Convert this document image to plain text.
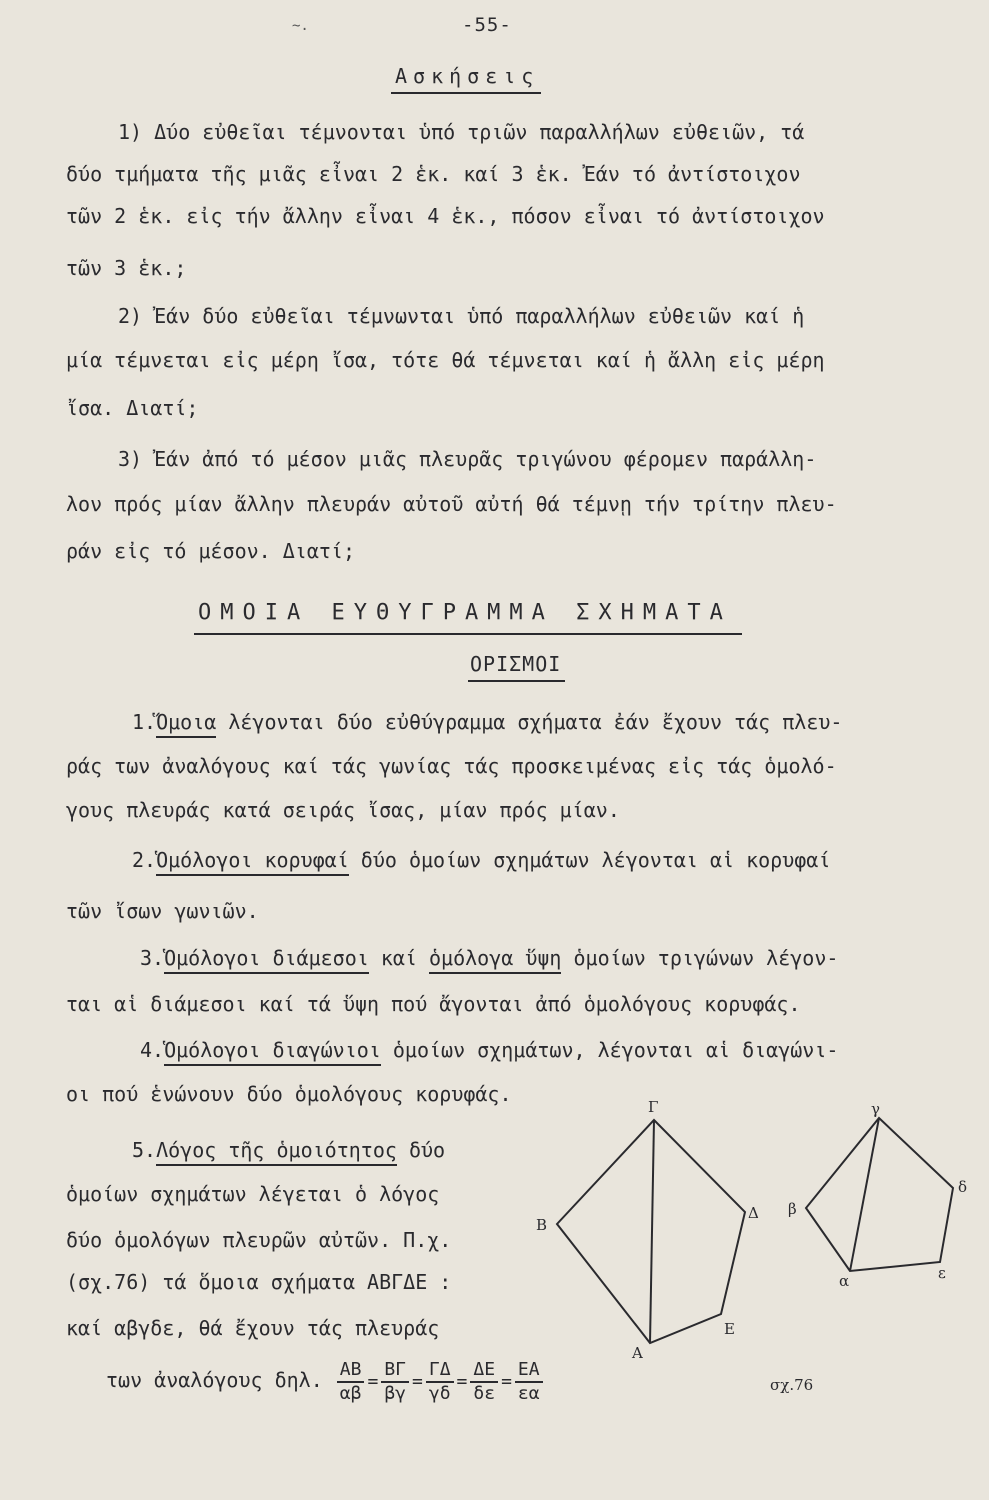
~.	-55-
Ασκήσεις
1) Δύο εὐθεῖαι τέμνονται ὑπό τριῶν παραλλήλων εὐθειῶν, τά
δύο τμήματα τῆς μιᾶς εἶναι 2 ἑκ. καί 3 ἑκ. Ἐάν τό ἀντίστοιχον
τῶν 2 ἑκ. εἰς τήν ἄλλην εἶναι 4 ἑκ., πόσον εἶναι τό ἀντίστοιχον
τῶν 3 ἑκ.;
2) Ἐάν δύο εὐθεῖαι τέμνωνται ὑπό παραλλήλων εὐθειῶν καί ἡ
μία τέμνεται εἰς μέρη ἴσα, τότε θά τέμνεται καί ἡ ἄλλη εἰς μέρη
ἴσα. Διατί;
3) Ἐάν ἀπό τό μέσον μιᾶς πλευρᾶς τριγώνου φέρομεν παράλλη-
λον πρός μίαν ἄλλην πλευράν αὐτοῦ αὐτή θά τέμνῃ τήν τρίτην πλευ-
ράν εἰς τό μέσον. Διατί;
ΟΜΟΙΑ ΕΥΘΥΓΡΑΜΜΑ ΣΧΗΜΑΤΑ
ΟΡΙΣΜΟΙ
1.Ὅμοια λέγονται δύο εὐθύγραμμα σχήματα ἐάν ἔχουν τάς πλευ-
ράς των ἀναλόγους καί τάς γωνίας τάς προσκειμένας εἰς τάς ὁμολό-
γους πλευράς κατά σειράς ἴσας, μίαν πρός μίαν.
2.Ὁμόλογοι κορυφαί δύο ὁμοίων σχημάτων λέγονται αἱ κορυφαί
τῶν ἴσων γωνιῶν.
3.Ὁμόλογοι διάμεσοι καί ὁμόλογα ὕψη ὁμοίων τριγώνων λέγον-
ται αἱ διάμεσοι καί τά ὕψη πού ἄγονται ἀπό ὁμολόγους κορυφάς.
4.Ὁμόλογοι διαγώνιοι ὁμοίων σχημάτων, λέγονται αἱ διαγώνι-
οι πού ἑνώνουν δύο ὁμολόγους κορυφάς.
5.Λόγος τῆς ὁμοιότητος δύο
ὁμοίων σχημάτων λέγεται ὁ λόγος
δύο ὁμολόγων πλευρῶν αὐτῶν. Π.χ.
(σχ.76) τά ὅμοια σχήματα ΑΒΓΔΕ :
καί αβγδε, θά ἔχουν τάς πλευράς
των ἀναλόγους δηλ. $\frac{AB}{\alpha\beta} = \frac{B\Gamma}{\beta\gamma} = \frac{\Gamma\Delta}{\gamma\delta} = \frac{\Delta E}{\delta\varepsilon} = \frac{EA}{\varepsilon\alpha}$
Γ
Δ
Ε
Α
Β
γ
δ
ε
α
β
σχ.76
